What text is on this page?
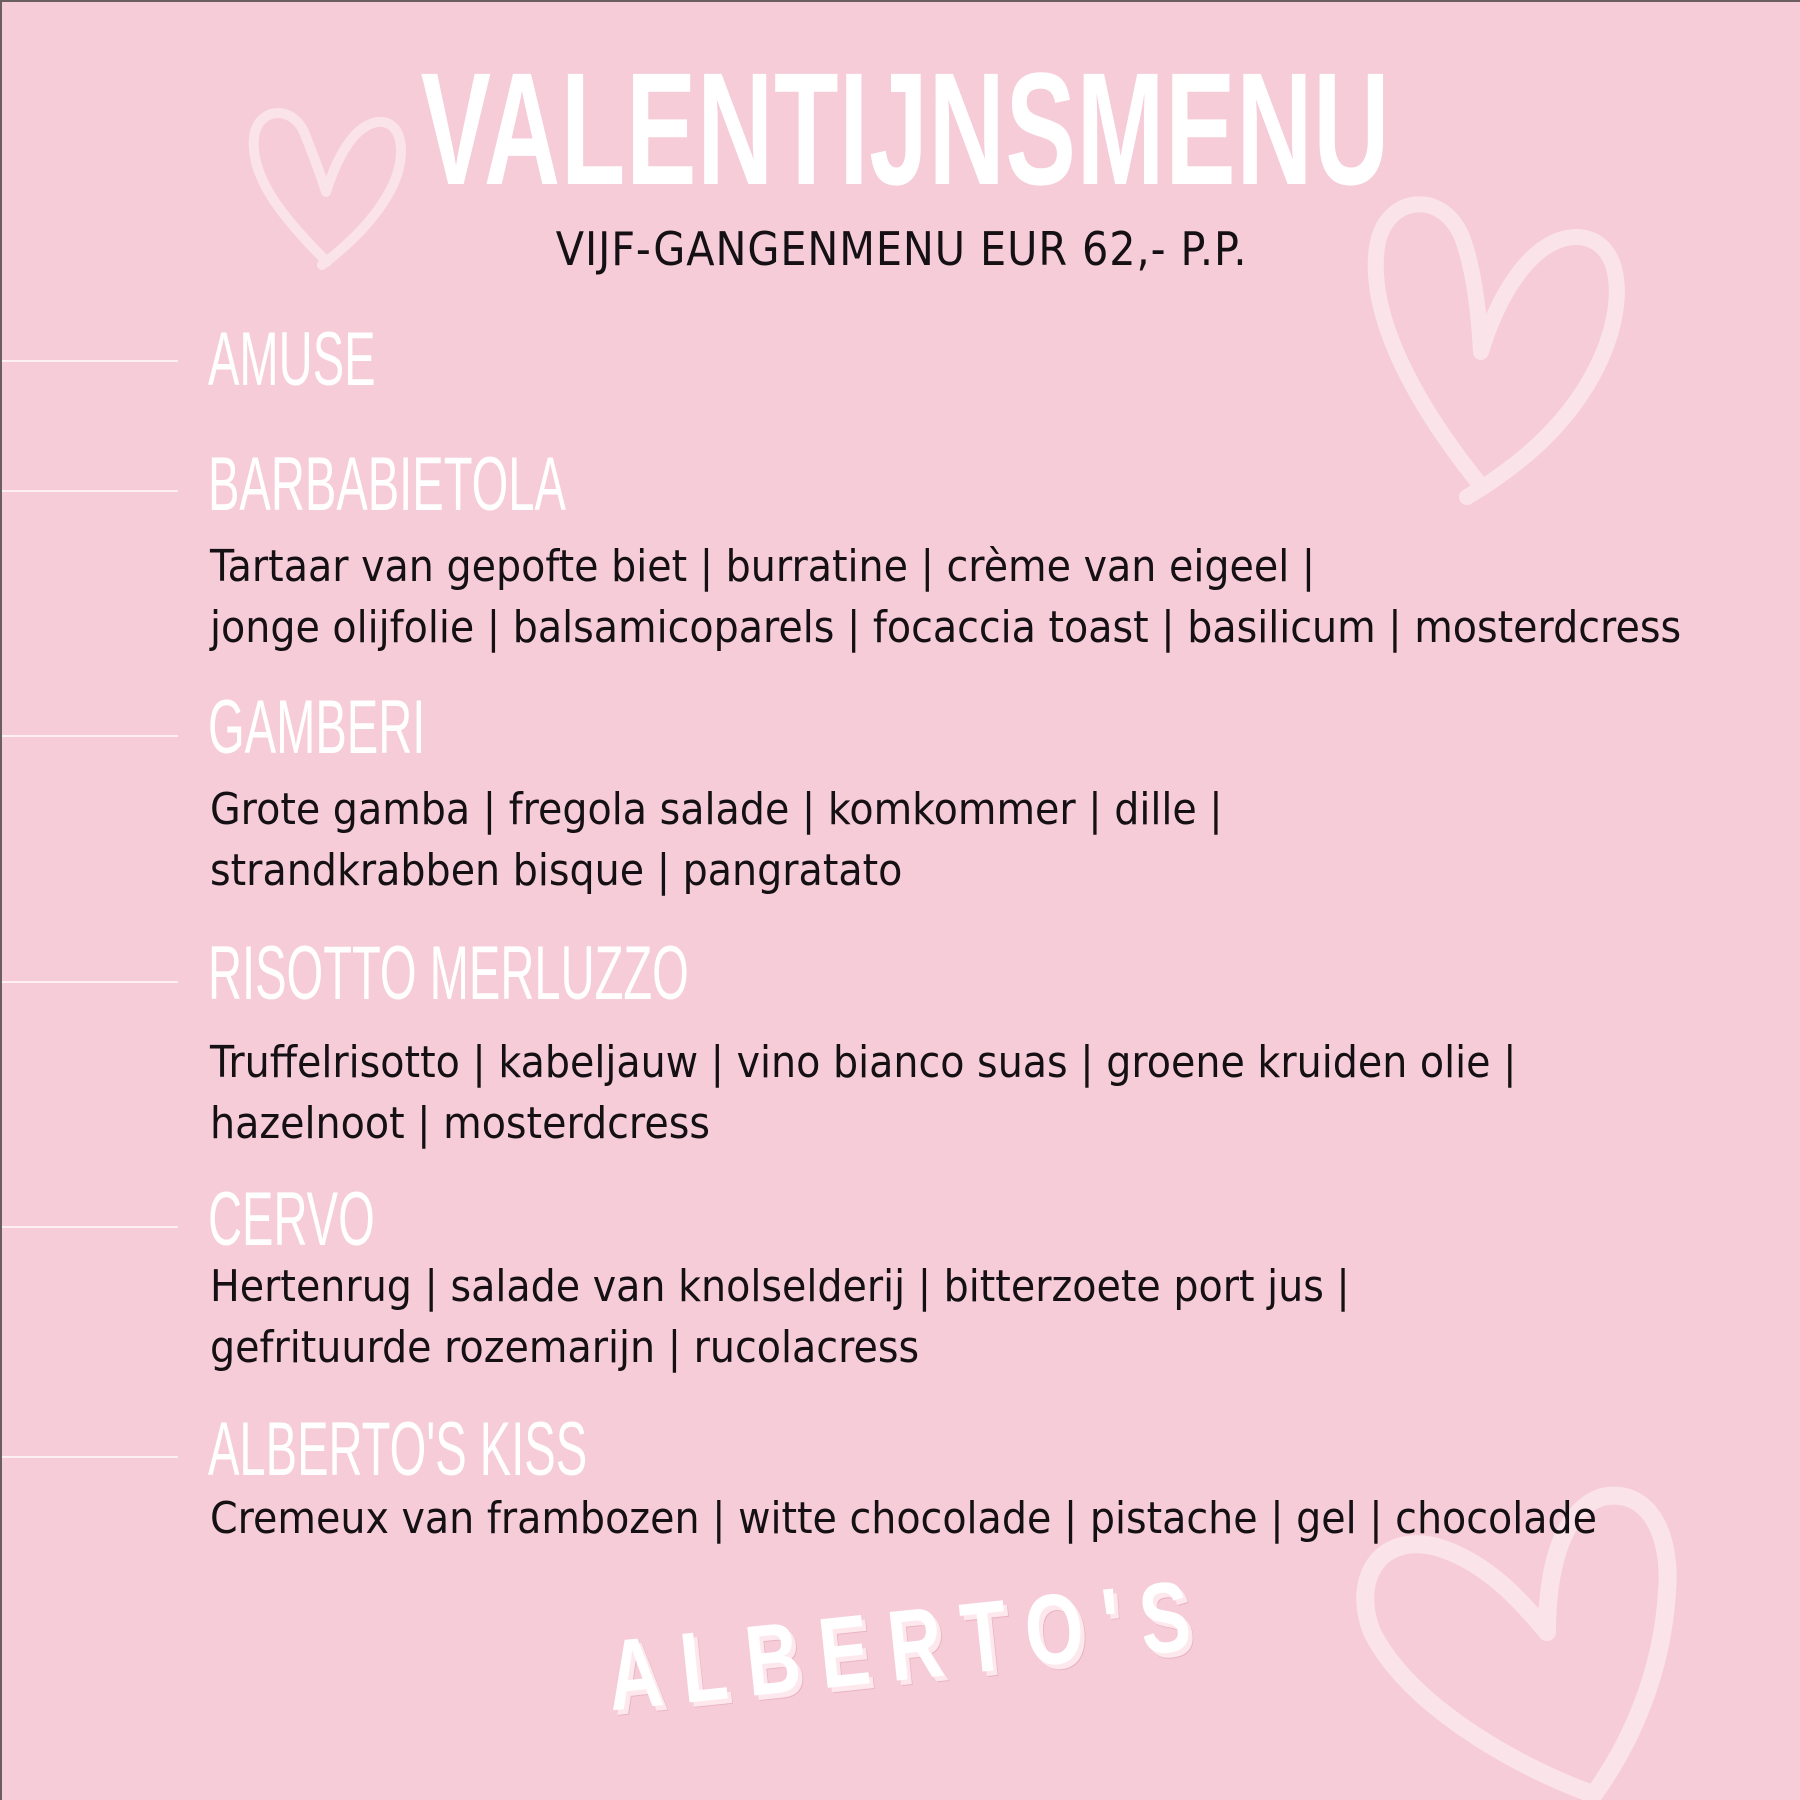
VALENTIJNSMENU
VIJF-GANGENMENU EUR 62,- P.P.
AMUSE
BARBABIETOLA

Tartaar van gepofte biet | burratine | crème van eigeel |
jonge olijfolie | balsamicoparels | focaccia toast | basilicum | mosterdcress

GAMBERI

Grote gamba | fregola salade | komkommer | dille |
strandkrabben bisque | pangratato

RISOTTO MERLUZZO

Truffelrisotto | kabeljauw | vino bianco suas | groene kruiden olie |
hazelnoot | mosterdcress

CERVO

Hertenrug | salade van knolselderij | bitterzoete port jus |
gefrituurde rozemarijn | rucolacress

ALBERTO'S KISS

Cremeux van frambozen | witte chocolade | pistache | gel | chocolade

ALBERTO'S
